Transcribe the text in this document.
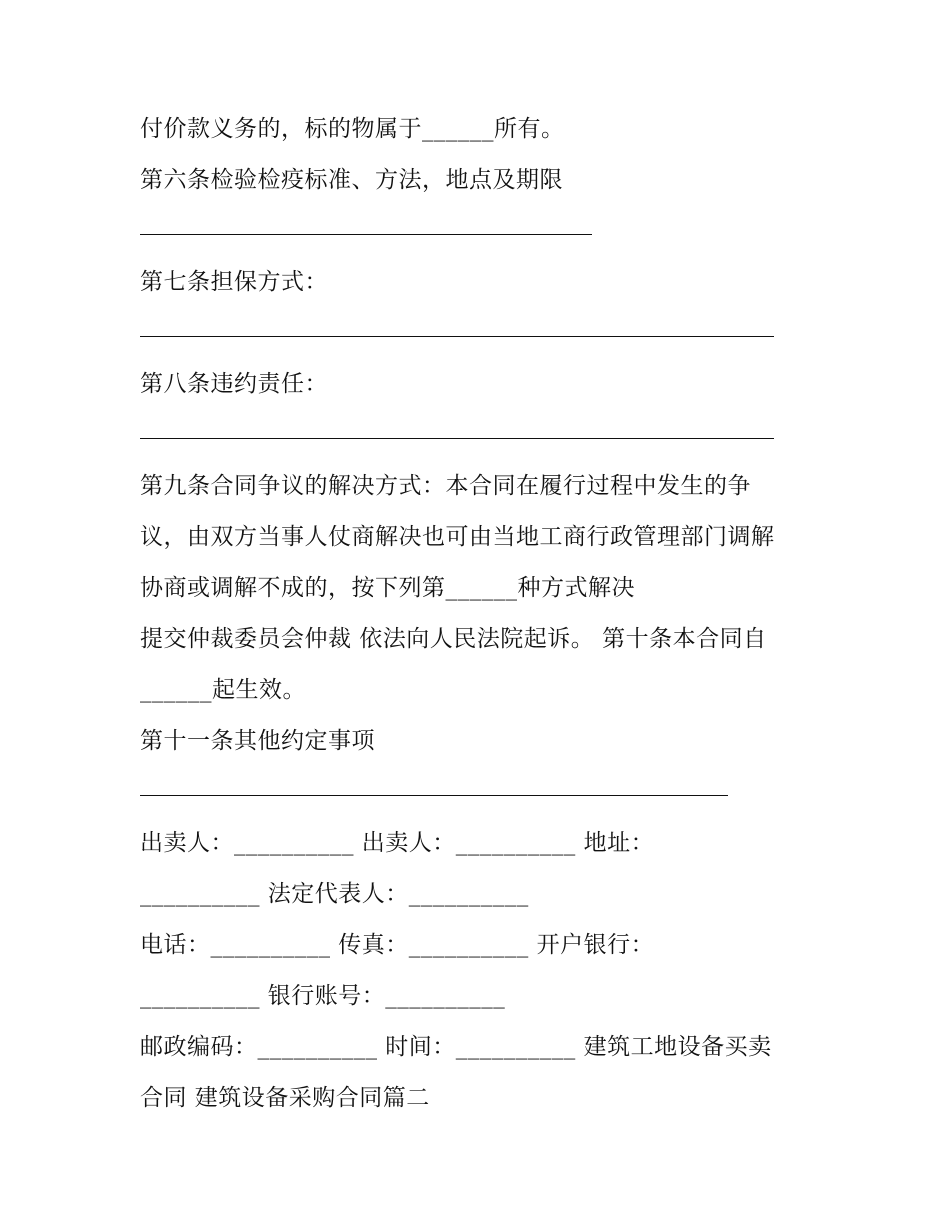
付价款义务的，标的物属于______所有。
第六条检验检疫标准、方法，地点及期限
第七条担保方式：
第八条违约责任：
第九条合同争议的解决方式：本合同在履行过程中发生的争
议，由双方当事人仗商解决也可由当地工商行政管理部门调解
协商或调解不成的，按下列第______种方式解决
提交仲裁委员会仲裁 依法向人民法院起诉。 第十条本合同自
______起生效。
第十一条其他约定事项
出卖人：__________ 出卖人：__________ 地址：
__________ 法定代表人：__________
电话：__________ 传真：__________ 开户银行：
__________ 银行账号：__________
邮政编码：__________ 时间：__________ 建筑工地设备买卖
合同 建筑设备采购合同篇二
